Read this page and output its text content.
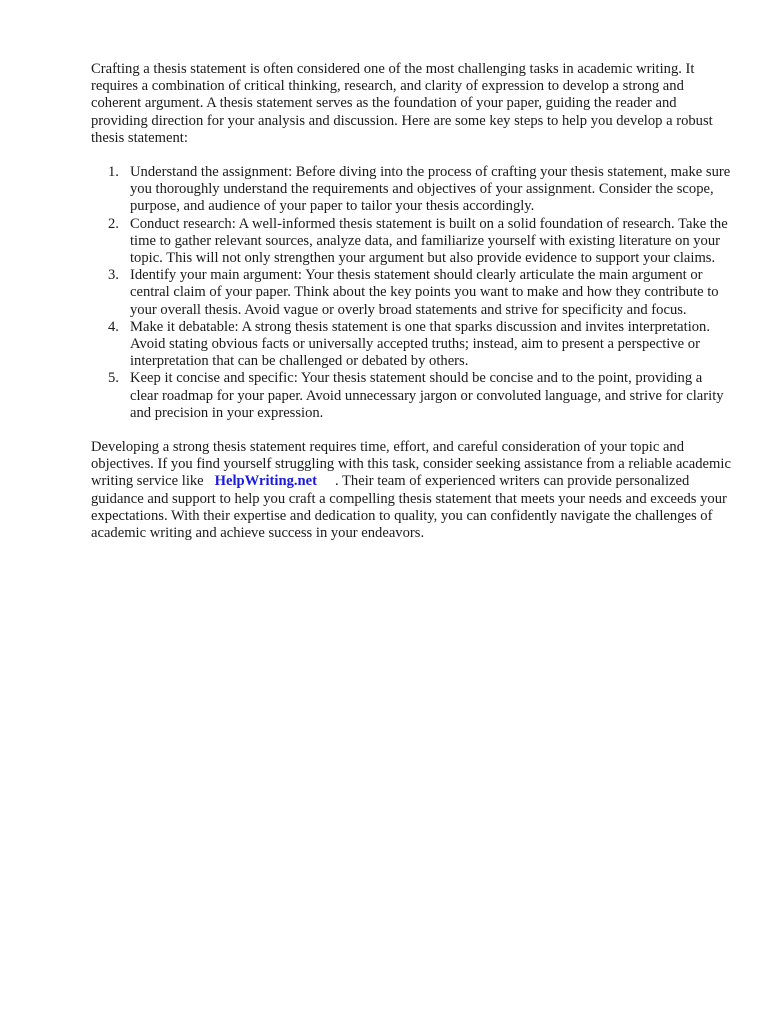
Crafting a thesis statement is often considered one of the most challenging tasks in academic writing. It requires a combination of critical thinking, research, and clarity of expression to develop a strong and coherent argument. A thesis statement serves as the foundation of your paper, guiding the reader and providing direction for your analysis and discussion. Here are some key steps to help you develop a robust thesis statement:

1. Understand the assignment: Before diving into the process of crafting your thesis statement, make sure you thoroughly understand the requirements and objectives of your assignment. Consider the scope, purpose, and audience of your paper to tailor your thesis accordingly.
2. Conduct research: A well-informed thesis statement is built on a solid foundation of research. Take the time to gather relevant sources, analyze data, and familiarize yourself with existing literature on your topic. This will not only strengthen your argument but also provide evidence to support your claims.
3. Identify your main argument: Your thesis statement should clearly articulate the main argument or central claim of your paper. Think about the key points you want to make and how they contribute to your overall thesis. Avoid vague or overly broad statements and strive for specificity and focus.
4. Make it debatable: A strong thesis statement is one that sparks discussion and invites interpretation. Avoid stating obvious facts or universally accepted truths; instead, aim to present a perspective or interpretation that can be challenged or debated by others.
5. Keep it concise and specific: Your thesis statement should be concise and to the point, providing a clear roadmap for your paper. Avoid unnecessary jargon or convoluted language, and strive for clarity and precision in your expression.

Developing a strong thesis statement requires time, effort, and careful consideration of your topic and objectives. If you find yourself struggling with this task, consider seeking assistance from a reliable academic writing service like HelpWriting.net . Their team of experienced writers can provide personalized guidance and support to help you craft a compelling thesis statement that meets your needs and exceeds your expectations. With their expertise and dedication to quality, you can confidently navigate the challenges of academic writing and achieve success in your endeavors.
